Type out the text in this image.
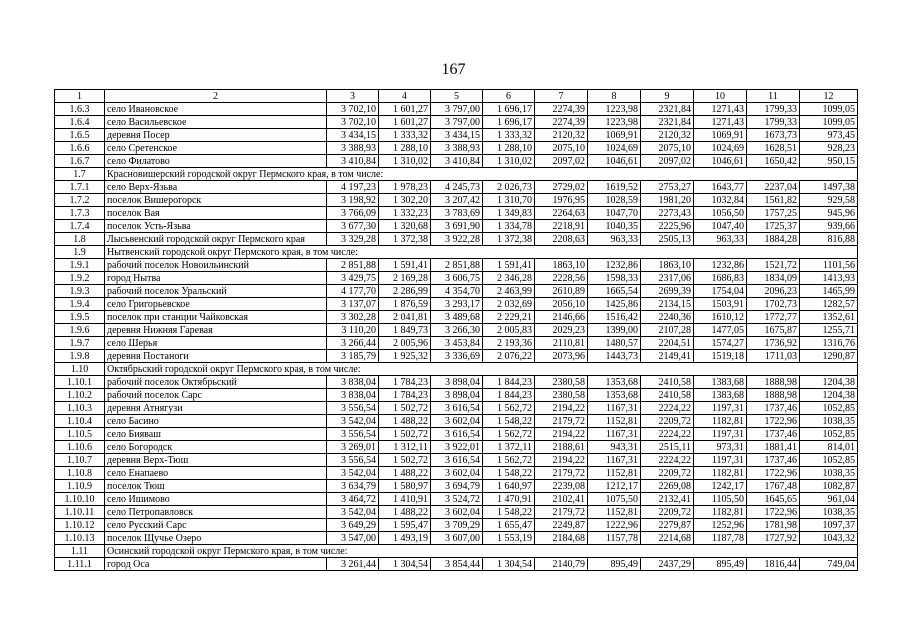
167
1	2	3	4	5	6	7	8	9	10	11	12
1.6.3	село Ивановское	3 702,10	1 601,27	3 797,00	1 696,17	2274,39	1223,98	2321,84	1271,43	1799,33	1099,05
1.6.4	село Васильевское	3 702,10	1 601,27	3 797,00	1 696,17	2274,39	1223,98	2321,84	1271,43	1799,33	1099,05
1.6.5	деревня Посер	3 434,15	1 333,32	3 434,15	1 333,32	2120,32	1069,91	2120,32	1069,91	1673,73	973,45
1.6.6	село Сретенское	3 388,93	1 288,10	3 388,93	1 288,10	2075,10	1024,69	2075,10	1024,69	1628,51	928,23
1.6.7	село Филатово	3 410,84	1 310,02	3 410,84	1 310,02	2097,02	1046,61	2097,02	1046,61	1650,42	950,15
1.7	Красновишерский городской округ Пермского края, в том числе:										
1.7.1	село Верх-Язьва	4 197,23	1 978,23	4 245,73	2 026,73	2729,02	1619,52	2753,27	1643,77	2237,04	1497,38
1.7.2	поселок Вишерогорск	3 198,92	1 302,20	3 207,42	1 310,70	1976,95	1028,59	1981,20	1032,84	1561,82	929,58
1.7.3	поселок Вая	3 766,09	1 332,23	3 783,69	1 349,83	2264,63	1047,70	2273,43	1056,50	1757,25	945,96
1.7.4	поселок Усть-Язьва	3 677,30	1 320,68	3 691,90	1 334,78	2218,91	1040,35	2225,96	1047,40	1725,37	939,66
1.8	Лысьвенский городской округ Пермского края	3 329,28	1 372,38	3 922,28	1 372,38	2208,63	963,33	2505,13	963,33	1884,28	816,88
1.9	Нытвенский городской округ Пермского края, в том числе:										
1.9.1	рабочий поселок Новоильинский	2 851,88	1 591,41	2 851,88	1 591,41	1863,10	1232,86	1863,10	1232,86	1521,72	1101,56
1.9.2	город Нытва	3 429,75	2 169,28	3 606,75	2 346,28	2228,56	1598,33	2317,06	1686,83	1834,09	1413,93
1.9.3	рабочий поселок Уральский	4 177,70	2 286,99	4 354,70	2 463,99	2610,89	1665,54	2699,39	1754,04	2096,23	1465,99
1.9.4	село Григорьевское	3 137,07	1 876,59	3 293,17	2 032,69	2056,10	1425,86	2134,15	1503,91	1702,73	1282,57
1.9.5	поселок при станции Чайковская	3 302,28	2 041,81	3 489,68	2 229,21	2146,66	1516,42	2240,36	1610,12	1772,77	1352,61
1.9.6	деревня Нижняя Гаревая	3 110,20	1 849,73	3 266,30	2 005,83	2029,23	1399,00	2107,28	1477,05	1675,87	1255,71
1.9.7	село Шерья	3 266,44	2 005,96	3 453,84	2 193,36	2110,81	1480,57	2204,51	1574,27	1736,92	1316,76
1.9.8	деревня Постаноги	3 185,79	1 925,32	3 336,69	2 076,22	2073,96	1443,73	2149,41	1519,18	1711,03	1290,87
1.10	Октябрьский городской округ Пермского края, в том числе:										
1.10.1	рабочий поселок Октябрьский	3 838,04	1 784,23	3 898,04	1 844,23	2380,58	1353,68	2410,58	1383,68	1888,98	1204,38
1.10.2	рабочий поселок Сарс	3 838,04	1 784,23	3 898,04	1 844,23	2380,58	1353,68	2410,58	1383,68	1888,98	1204,38
1.10.3	деревня Атнягузи	3 556,54	1 502,72	3 616,54	1 562,72	2194,22	1167,31	2224,22	1197,31	1737,46	1052,85
1.10.4	село Басино	3 542,04	1 488,22	3 602,04	1 548,22	2179,72	1152,81	2209,72	1182,81	1722,96	1038,35
1.10.5	село Бияваш	3 556,54	1 502,72	3 616,54	1 562,72	2194,22	1167,31	2224,22	1197,31	1737,46	1052,85
1.10.6	село Богородск	3 269,01	1 312,11	3 922,01	1 372,11	2188,61	943,31	2515,11	973,31	1881,41	814,01
1.10.7	деревня Верх-Тюш	3 556,54	1 502,72	3 616,54	1 562,72	2194,22	1167,31	2224,22	1197,31	1737,46	1052,85
1.10.8	село Енапаево	3 542,04	1 488,22	3 602,04	1 548,22	2179,72	1152,81	2209,72	1182,81	1722,96	1038,35
1.10.9	поселок Тюш	3 634,79	1 580,97	3 694,79	1 640,97	2239,08	1212,17	2269,08	1242,17	1767,48	1082,87
1.10.10	село Ишимово	3 464,72	1 410,91	3 524,72	1 470,91	2102,41	1075,50	2132,41	1105,50	1645,65	961,04
1.10.11	село Петропавловск	3 542,04	1 488,22	3 602,04	1 548,22	2179,72	1152,81	2209,72	1182,81	1722,96	1038,35
1.10.12	село Русский Сарс	3 649,29	1 595,47	3 709,29	1 655,47	2249,87	1222,96	2279,87	1252,96	1781,98	1097,37
1.10.13	поселок Щучье Озеро	3 547,00	1 493,19	3 607,00	1 553,19	2184,68	1157,78	2214,68	1187,78	1727,92	1043,32
1.11	Осинский городской округ Пермского края, в том числе:										
1.11.1	город Оса	3 261,44	1 304,54	3 854,44	1 304,54	2140,79	895,49	2437,29	895,49	1816,44	749,04
